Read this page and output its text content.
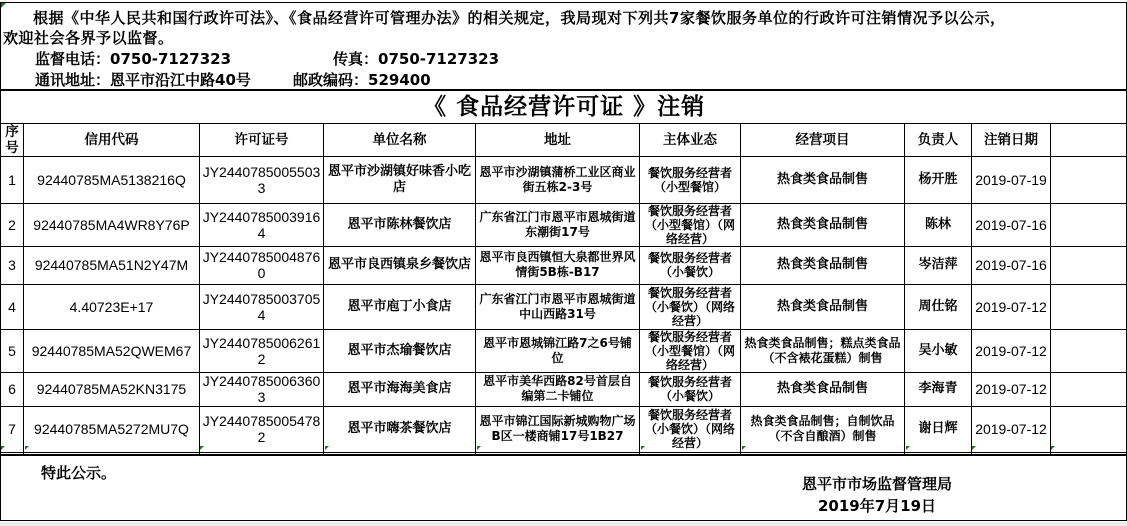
根据《中华人民共和国行政许可法》、《食品经营许可管理办法》的相关规定，我局现对下列共7家餐饮服务单位的行政许可注销情况予以公示，
欢迎社会各界予以监督。
监督电话：0750-7127323	传真：0750-7127323
通讯地址：恩平市沿江中路40号	邮政编码：529400
《 食品经营许可证 》注销									
序号	信用代码	许可证号	单位名称	地址	主体业态	经营项目	负责人	注销日期	
1	92440785MA5138216Q	JY24407850055033	恩平市沙湖镇好味香小吃店	恩平市沙湖镇蒲桥工业区商业街五栋2-3号	餐饮服务经营者（小型餐馆）	热食类食品制售	杨开胜	2019-07-19	
2	92440785MA4WR8Y76P	JY24407850039164	恩平市陈林餐饮店	广东省江门市恩平市恩城街道东潮街17号	餐饮服务经营者（小型餐馆）（网络经营）	热食类食品制售	陈林	2019-07-16	
3	92440785MA51N2Y47M	JY24407850048760	恩平市良西镇泉乡餐饮店	恩平市良西镇恒大泉都世界风情街5B栋-B17	餐饮服务经营者（小餐饮）	热食类食品制售	岑洁萍	2019-07-16	
4	4.40723E+17	JY24407850037054	恩平市庖丁小食店	广东省江门市恩平市恩城街道中山西路31号	餐饮服务经营者（小餐饮）（网络经营）	热食类食品制售	周仕铭	2019-07-12	
5	92440785MA52QWEM67	JY24407850062612	恩平市杰瑜餐饮店	恩平市恩城锦江路7之6号铺位	餐饮服务经营者（小型餐馆）（网络经营）	热食类食品制售；糕点类食品（不含裱花蛋糕）制售	吴小敏	2019-07-12	
6	92440785MA52KN3175	JY24407850063603	恩平市海海美食店	恩平市美华西路82号首层自编第二卡铺位	餐饮服务经营者（小餐饮）	热食类食品制售	李海青	2019-07-12	
7	92440785MA5272MU7Q	JY24407850054782	恩平市嗨茶餐饮店	恩平市锦江国际新城购物广场B区一楼商铺17号1B27	餐饮服务经营者（小餐饮）（网络经营）	热食类食品制售；自制饮品（不含自酿酒）制售	谢日辉	2019-07-12	

特此公示。
恩平市市场监督管理局
2019年7月19日
